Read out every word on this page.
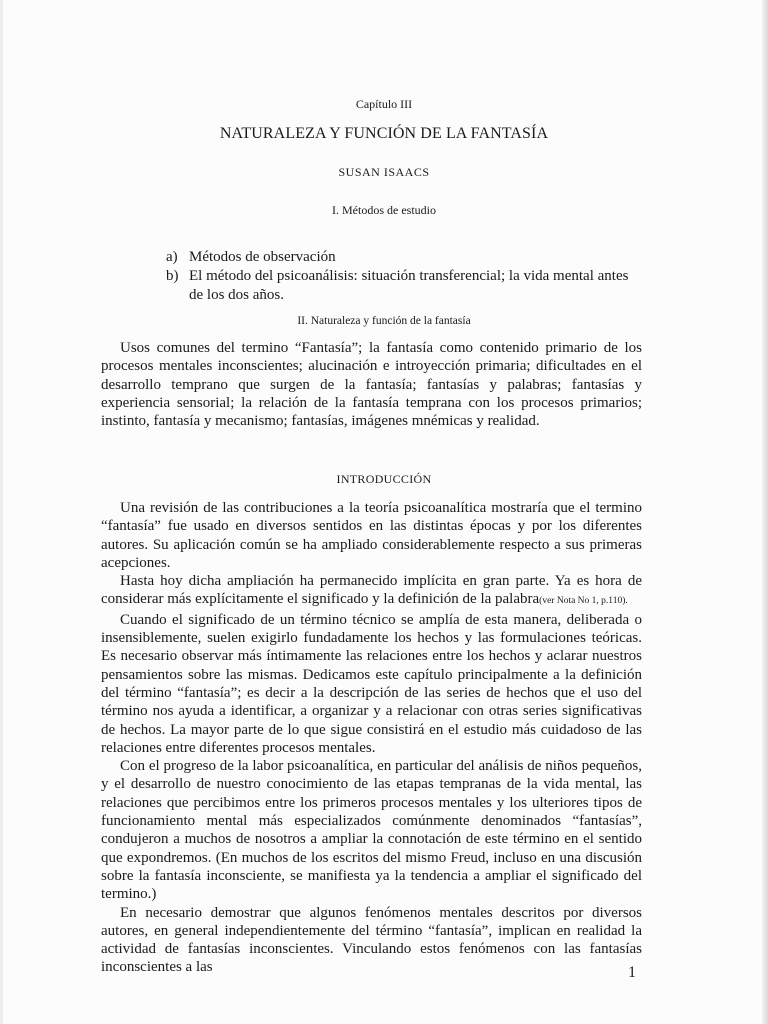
Capítulo III
NATURALEZA Y FUNCIÓN DE LA FANTASÍA
SUSAN ISAACS
I. Métodos de estudio
a) Métodos de observación
b) El método del psicoanálisis: situación transferencial; la vida mental antes de los dos años.
II. Naturaleza y función de la fantasía

Usos comunes del termino “Fantasía”; la fantasía como contenido primario de los procesos mentales inconscientes; alucinación e introyección primaria; dificultades en el desarrollo temprano que surgen de la fantasía; fantasías y palabras; fantasías y experiencia sensorial; la relación de la fantasía temprana con los procesos primarios; instinto, fantasía y mecanismo; fantasías, imágenes mnémicas y realidad.

INTRODUCCIÓN

Una revisión de las contribuciones a la teoría psicoanalítica mostraría que el termino “fantasía” fue usado en diversos sentidos en las distintas épocas y por los diferentes autores. Su aplicación común se ha ampliado considerablemente respecto a sus primeras acepciones.

Hasta hoy dicha ampliación ha permanecido implícita en gran parte. Ya es hora de considerar más explícitamente el significado y la definición de la palabra(ver Nota No 1, p.110).

Cuando el significado de un término técnico se amplía de esta manera, deliberada o insensiblemente, suelen exigirlo fundadamente los hechos y las formulaciones teóricas. Es necesario observar más íntimamente las relaciones entre los hechos y aclarar nuestros pensamientos sobre las mismas. Dedicamos este capítulo principalmente a la definición del término “fantasía”; es decir a la descripción de las series de hechos que el uso del término nos ayuda a identificar, a organizar y a relacionar con otras series significativas de hechos. La mayor parte de lo que sigue consistirá en el estudio más cuidadoso de las relaciones entre diferentes procesos mentales.

Con el progreso de la labor psicoanalítica, en particular del análisis de niños pequeños, y el desarrollo de nuestro conocimiento de las etapas tempranas de la vida mental, las relaciones que percibimos entre los primeros procesos mentales y los ulteriores tipos de funcionamiento mental más especializados comúnmente denominados “fantasías”, condujeron a muchos de nosotros a ampliar la connotación de este término en el sentido que expondremos. (En muchos de los escritos del mismo Freud, incluso en una discusión sobre la fantasía inconsciente, se manifiesta ya la tendencia a ampliar el significado del termino.)

En necesario demostrar que algunos fenómenos mentales descritos por diversos autores, en general independientemente del término “fantasía”, implican en realidad la actividad de fantasías inconscientes. Vinculando estos fenómenos con las fantasías inconscientes a las	1
